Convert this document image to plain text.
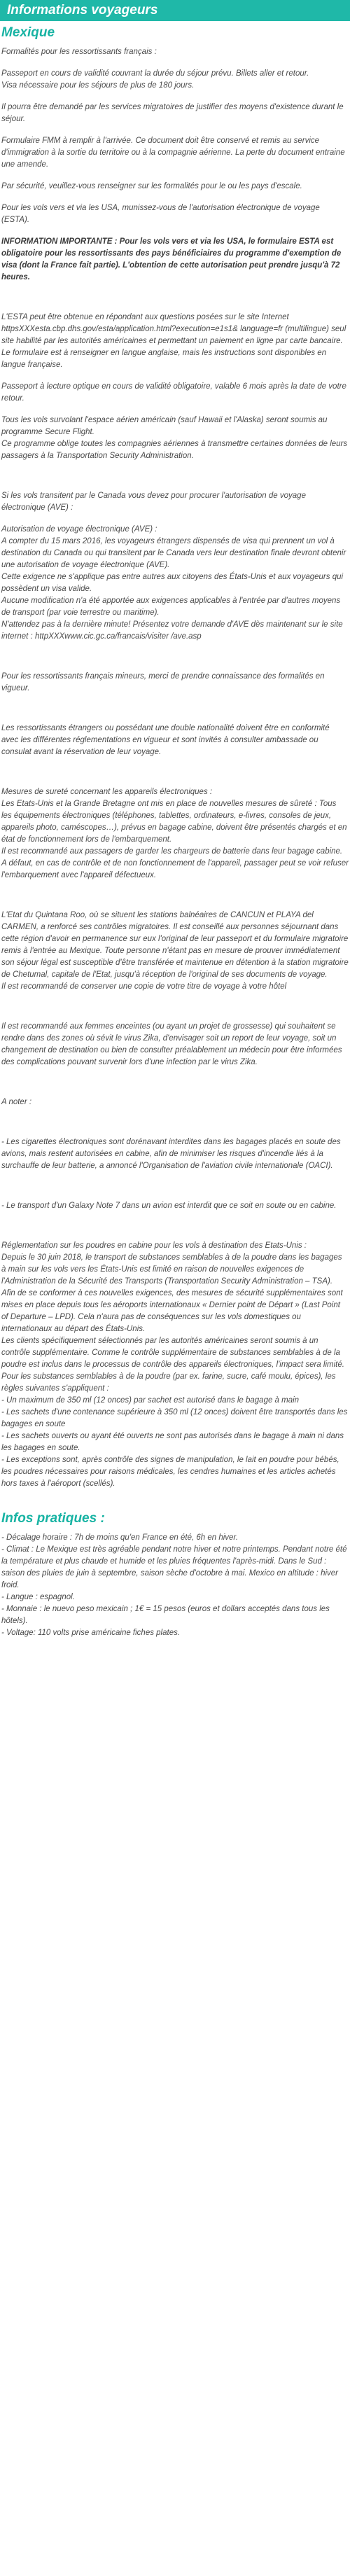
Informations voyageurs
Mexique

Formalités pour les ressortissants français :

Passeport en cours de validité couvrant la durée du séjour prévu. Billets aller et retour.
Visa nécessaire pour les séjours de plus de 180 jours.

Il pourra être demandé par les services migratoires de justifier des moyens d'existence durant le séjour.

Formulaire FMM à remplir à l'arrivée. Ce document doit être conservé et remis au service d'immigration à la sortie du territoire ou à la compagnie aérienne. La perte du document entraine une amende.

Par sécurité, veuillez-vous renseigner sur les formalités pour le ou les pays d'escale.

Pour les vols vers et via les USA, munissez-vous de l'autorisation électronique de voyage (ESTA).

INFORMATION IMPORTANTE : Pour les vols vers et via les USA, le formulaire ESTA est obligatoire pour les ressortissants des pays bénéficiaires du programme d'exemption de visa (dont la France fait partie). L'obtention de cette autorisation peut prendre jusqu'à 72 heures.

L'ESTA peut être obtenue en répondant aux questions posées sur le site Internet httpsXXXesta.cbp.dhs.gov/esta/application.html?execution=e1s1& language=fr (multilingue) seul site habilité par les autorités américaines et permettant un paiement en ligne par carte bancaire. Le formulaire est à renseigner en langue anglaise, mais les instructions sont disponibles en langue française.

Passeport à lecture optique en cours de validité obligatoire, valable 6 mois après la date de votre retour.

Tous les vols survolant l'espace aérien américain (sauf Hawaii et l'Alaska) seront soumis au programme Secure Flight.
Ce programme oblige toutes les compagnies aériennes à transmettre certaines données de leurs passagers à la Transportation Security Administration.

Si les vols transitent par le Canada vous devez pour procurer l'autorisation de voyage électronique (AVE) :

Autorisation de voyage électronique (AVE) :
A compter du 15 mars 2016, les voyageurs étrangers dispensés de visa qui prennent un vol à destination du Canada ou qui transitent par le Canada vers leur destination finale devront obtenir une autorisation de voyage électronique (AVE).
Cette exigence ne s'applique pas entre autres aux citoyens des États-Unis et aux voyageurs qui possèdent un visa valide.
Aucune modification n'a été apportée aux exigences applicables à l'entrée par d'autres moyens de transport (par voie terrestre ou maritime).
N'attendez pas à la dernière minute! Présentez votre demande d'AVE dès maintenant sur le site internet : httpXXXwww.cic.gc.ca/francais/visiter /ave.asp

Pour les ressortissants français mineurs, merci de prendre connaissance des formalités en vigueur.

Les ressortissants étrangers ou possédant une double nationalité doivent être en conformité avec les différentes réglementations en vigueur et sont invités à consulter ambassade ou consulat avant la réservation de leur voyage.

Mesures de sureté concernant les appareils électroniques :
Les Etats-Unis et la Grande Bretagne ont mis en place de nouvelles mesures de sûreté : Tous les équipements électroniques (téléphones, tablettes, ordinateurs, e-livres, consoles de jeux, appareils photo, caméscopes…), prévus en bagage cabine, doivent être présentés chargés et en état de fonctionnement lors de l'embarquement.
Il est recommandé aux passagers de garder les chargeurs de batterie dans leur bagage cabine. A défaut, en cas de contrôle et de non fonctionnement de l'appareil, passager peut se voir refuser l'embarquement avec l'appareil défectueux.

L'Etat du Quintana Roo, où se situent les stations balnéaires de CANCUN et PLAYA del CARMEN, a renforcé ses contrôles migratoires. Il est conseillé aux personnes séjournant dans cette région d'avoir en permanence sur eux l'original de leur passeport et du formulaire migratoire remis à l'entrée au Mexique. Toute personne n'étant pas en mesure de prouver immédiatement son séjour légal est susceptible d'être transférée et maintenue en détention à la station migratoire de Chetumal, capitale de l'Etat, jusqu'à réception de l'original de ses documents de voyage.
Il est recommandé de conserver une copie de votre titre de voyage à votre hôtel

Il est recommandé aux femmes enceintes (ou ayant un projet de grossesse) qui souhaitent se rendre dans des zones où sévit le virus Zika, d'envisager soit un report de leur voyage, soit un changement de destination ou bien de consulter préalablement un médecin pour être informées des complications pouvant survenir lors d'une infection par le virus Zika.

A noter :

- Les cigarettes électroniques sont dorénavant interdites dans les bagages placés en soute des avions, mais restent autorisées en cabine, afin de minimiser les risques d'incendie liés à la surchauffe de leur batterie, a annoncé l'Organisation de l'aviation civile internationale (OACI).

- Le transport d'un Galaxy Note 7 dans un avion est interdit que ce soit en soute ou en cabine.

Réglementation sur les poudres en cabine pour les vols à destination des Etats-Unis :
Depuis le 30 juin 2018, le transport de substances semblables à de la poudre dans les bagages à main sur les vols vers les États-Unis est limité en raison de nouvelles exigences de l'Administration de la Sécurité des Transports (Transportation Security Administration – TSA).
Afin de se conformer à ces nouvelles exigences, des mesures de sécurité supplémentaires sont mises en place depuis tous les aéroports internationaux « Dernier point de Départ » (Last Point of Departure – LPD). Cela n'aura pas de conséquences sur les vols domestiques ou internationaux au départ des États-Unis.
Les clients spécifiquement sélectionnés par les autorités américaines seront soumis à un contrôle supplémentaire. Comme le contrôle supplémentaire de substances semblables à de la poudre est inclus dans le processus de contrôle des appareils électroniques, l'impact sera limité.
Pour les substances semblables à de la poudre (par ex. farine, sucre, café moulu, épices), les règles suivantes s'appliquent :
- Un maximum de 350 ml (12 onces) par sachet est autorisé dans le bagage à main
- Les sachets d'une contenance supérieure à 350 ml (12 onces) doivent être transportés dans les bagages en soute
- Les sachets ouverts ou ayant été ouverts ne sont pas autorisés dans le bagage à main ni dans les bagages en soute.
- Les exceptions sont, après contrôle des signes de manipulation, le lait en poudre pour bébés, les poudres nécessaires pour raisons médicales, les cendres humaines et les articles achetés hors taxes à l'aéroport (scellés).

Infos pratiques :

- Décalage horaire : 7h de moins qu'en France en été, 6h en hiver.

- Climat : Le Mexique est très agréable pendant notre hiver et notre printemps. Pendant notre été la température et plus chaude et humide et les pluies fréquentes l'après-midi. Dans le Sud : saison des pluies de juin à septembre, saison sèche d'octobre à mai. Mexico en altitude : hiver froid.

- Langue : espagnol.

- Monnaie : le nuevo peso mexicain ; 1€ = 15 pesos (euros et dollars acceptés dans tous les hôtels).

- Voltage: 110 volts prise américaine fiches plates.
